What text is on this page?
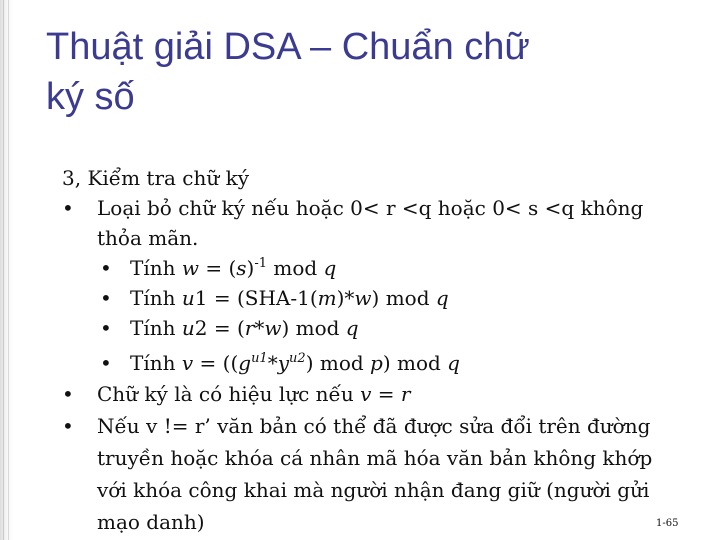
Thuật giải DSA – Chuẩn chữ
ký số
3, Kiểm tra chữ ký
• Loại bỏ chữ ký nếu hoặc 0< r <q hoặc 0< s <q không
thỏa mãn.
• Tính $w = (s)^{-1}$ mod q
• Tính u1 = (SHA-1(m)*w) mod q
• Tính u2 = (r*w) mod q
• Tính $v = ((g^{u1}*y^{u2})$ mod p) mod q
• Chữ ký là có hiệu lực nếu v = r
• Nếu v != r’ văn bản có thể đã được sửa đổi trên đường
truyền hoặc khóa cá nhân mã hóa văn bản không khớp
với khóa công khai mà người nhận đang giữ (người gửi
mạo danh)	1-65
